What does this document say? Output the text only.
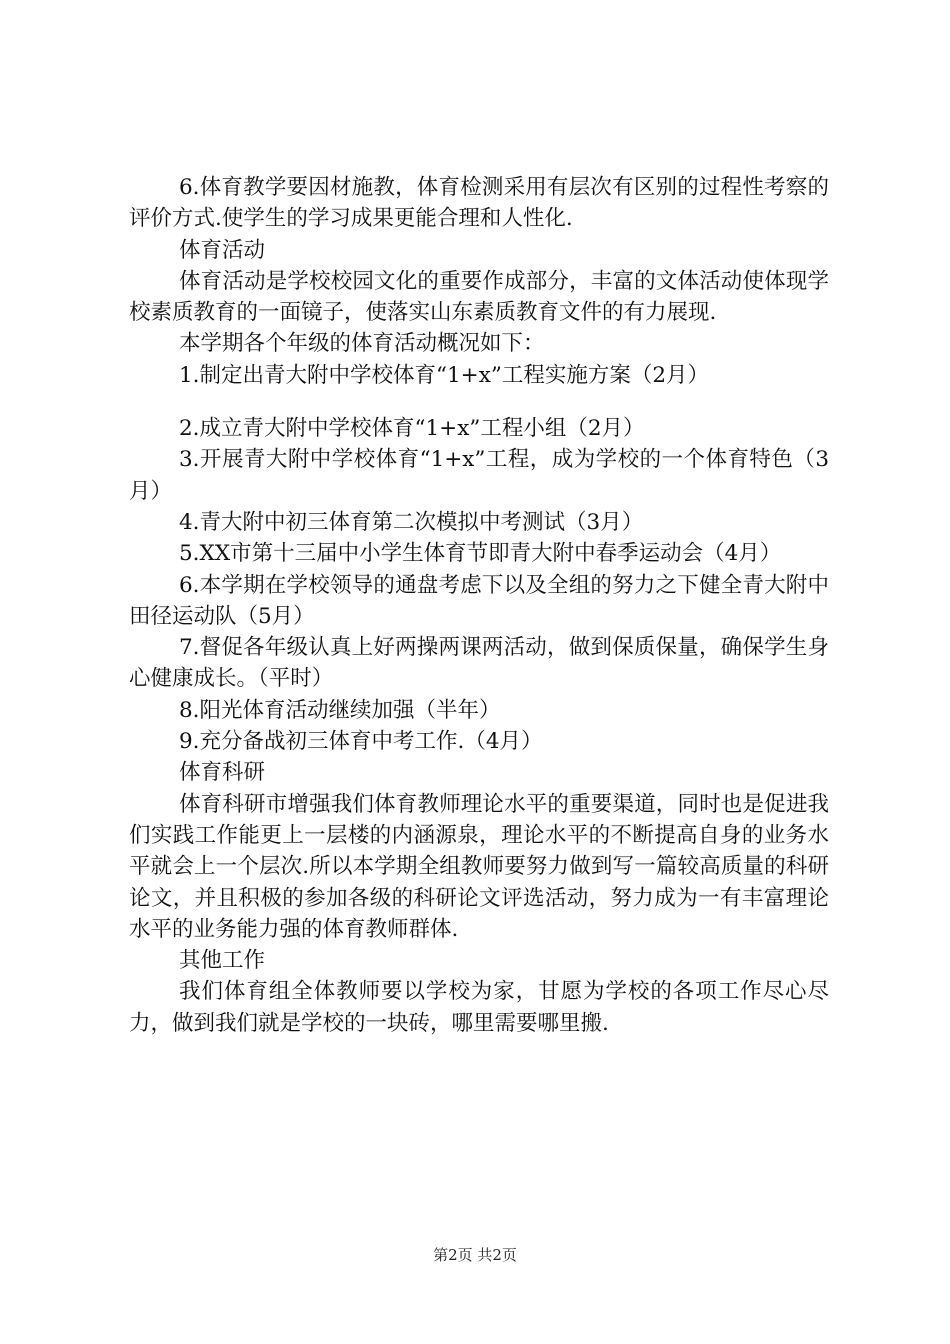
6.体育教学要因材施教，体育检测采用有层次有区别的过程性考察的评价方式.使学生的学习成果更能合理和人性化.

体育活动

体育活动是学校校园文化的重要作成部分，丰富的文体活动使体现学校素质教育的一面镜子，使落实山东素质教育文件的有力展现.

本学期各个年级的体育活动概况如下：

1.制定出青大附中学校体育“1+x”工程实施方案（2月）

2.成立青大附中学校体育“1+x”工程小组（2月）

3.开展青大附中学校体育“1+x”工程，成为学校的一个体育特色（3月）

4.青大附中初三体育第二次模拟中考测试（3月）

5.XX市第十三届中小学生体育节即青大附中春季运动会（4月）

6.本学期在学校领导的通盘考虑下以及全组的努力之下健全青大附中田径运动队（5月）

7.督促各年级认真上好两操两课两活动，做到保质保量，确保学生身心健康成长。（平时）

8.阳光体育活动继续加强（半年）

9.充分备战初三体育中考工作.（4月）

体育科研

体育科研市增强我们体育教师理论水平的重要渠道，同时也是促进我们实践工作能更上一层楼的内涵源泉，理论水平的不断提高自身的业务水平就会上一个层次.所以本学期全组教师要努力做到写一篇较高质量的科研论文，并且积极的参加各级的科研论文评选活动，努力成为一有丰富理论水平的业务能力强的体育教师群体.

其他工作

我们体育组全体教师要以学校为家，甘愿为学校的各项工作尽心尽力，做到我们就是学校的一块砖，哪里需要哪里搬.

第2页 共2页
